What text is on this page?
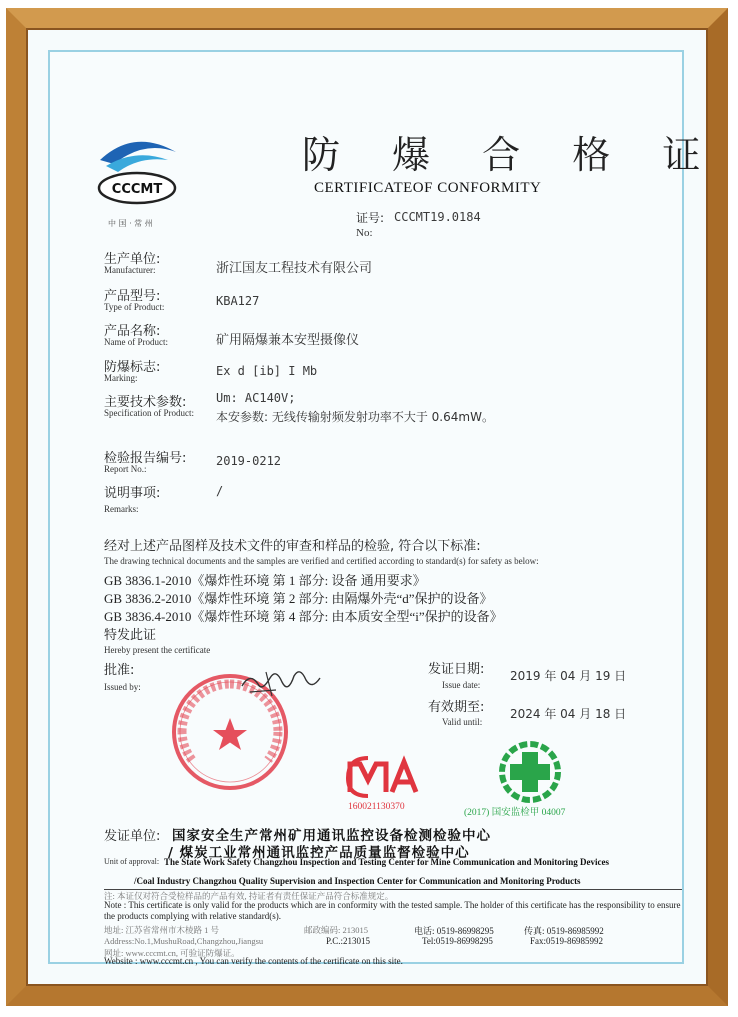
CCCMT
中 国 · 常 州
防 爆 合 格 证
CERTIFICATEOF CONFORMITY
证号: CCCMT19.0184
No:
生产单位:
Manufacturer:	浙江国友工程技术有限公司
产品型号:
Type of Product:	KBA127
产品名称:
Name of Product:	矿用隔爆兼本安型摄像仪
防爆标志:
Marking:	Ex d [ib] I Mb
主要技术参数:
Specification of Product:
Um: AC140V;
本安参数: 无线传输射频发射功率不大于 0.64mW。
检验报告编号:
Report No.:
2019-0212
说明事项:	/
Remarks:
经对上述产品图样及技术文件的审查和样品的检验, 符合以下标准:
The drawing technical documents and the samples are verified and certified according to standard(s) for safety as below:
GB 3836.1-2010《爆炸性环境 第 1 部分: 设备 通用要求》
GB 3836.2-2010《爆炸性环境 第 2 部分: 由隔爆外壳“d”保护的设备》
GB 3836.4-2010《爆炸性环境 第 4 部分: 由本质安全型“i”保护的设备》
特发此证
Hereby present the certificate
批准:
Issued by:
发证日期:
Issue date:
2019 年 04 月 19 日
有效期至:
Valid until:
2024 年 04 月 18 日
160021130370
(2017) 国安监检甲 04007
发证单位: 国家安全生产常州矿用通讯监控设备检测检验中心
/ 煤炭工业常州通讯监控产品质量监督检验中心
Unit of approval: The State Work Safety Changzhou Inspection and Testing Center for Mine Communication and Monitoring Devices
/Coal Industry Changzhou Quality Supervision and Inspection Center for Communication and Monitoring Products
注: 本证仅对符合受检样品的产品有效, 持证者有责任保证产品符合标准规定。
Note : This certificate is only valid for the products which are in conformity with the tested sample. The holder of this certificate has the responsibility to ensure the products complying with relative standard(s).
地址: 江苏省常州市木棱路 1 号	邮政编码: 213015	电话: 0519-86998295	传真: 0519-86985992
Address:No.1,MushuRoad,Changzhou,Jiangsu	P.C.:213015	Tel:0519-86998295	Fax:0519-86985992
网址: www.cccmt.cn, 可验证防爆证。
Website : www.cccmt.cn , You can verify the contents of the certificate on this site.
